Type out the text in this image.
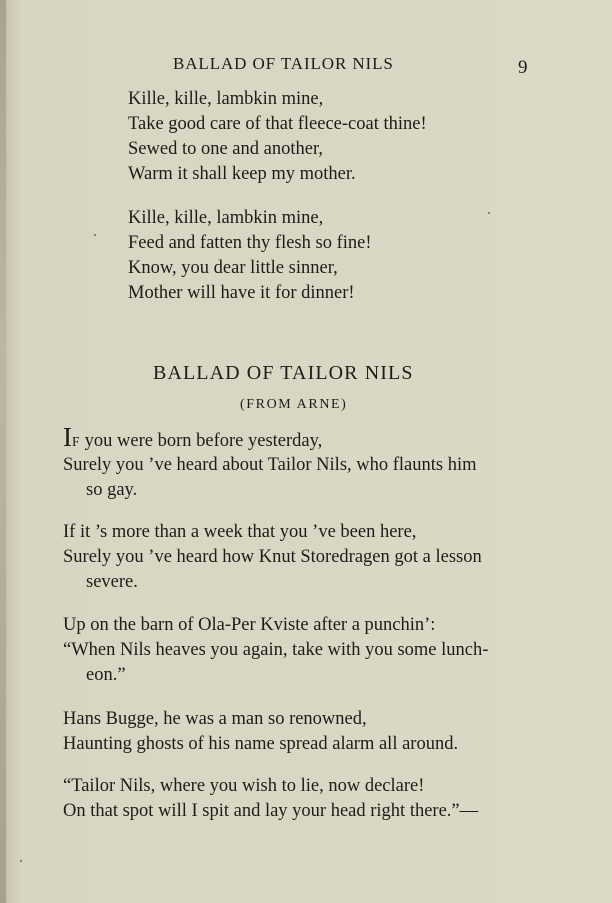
BALLAD OF TAILOR NILS	9
Kille, kille, lambkin mine,
Take good care of that fleece-coat thine!
Sewed to one and another,
Warm it shall keep my mother.
Kille, kille, lambkin mine,
Feed and fatten thy flesh so fine!
Know, you dear little sinner,
Mother will have it for dinner!
BALLAD OF TAILOR NILS
(FROM ARNE)
IF you were born before yesterday,
Surely you ’ve heard about Tailor Nils, who flaunts him
so gay.
If it ’s more than a week that you ’ve been here,
Surely you ’ve heard how Knut Storedragen got a lesson
severe.
Up on the barn of Ola-Per Kviste after a punchin’:
“When Nils heaves you again, take with you some lunch-
eon.”
Hans Bugge, he was a man so renowned,
Haunting ghosts of his name spread alarm all around.
“Tailor Nils, where you wish to lie, now declare!
On that spot will I spit and lay your head right there.”—
